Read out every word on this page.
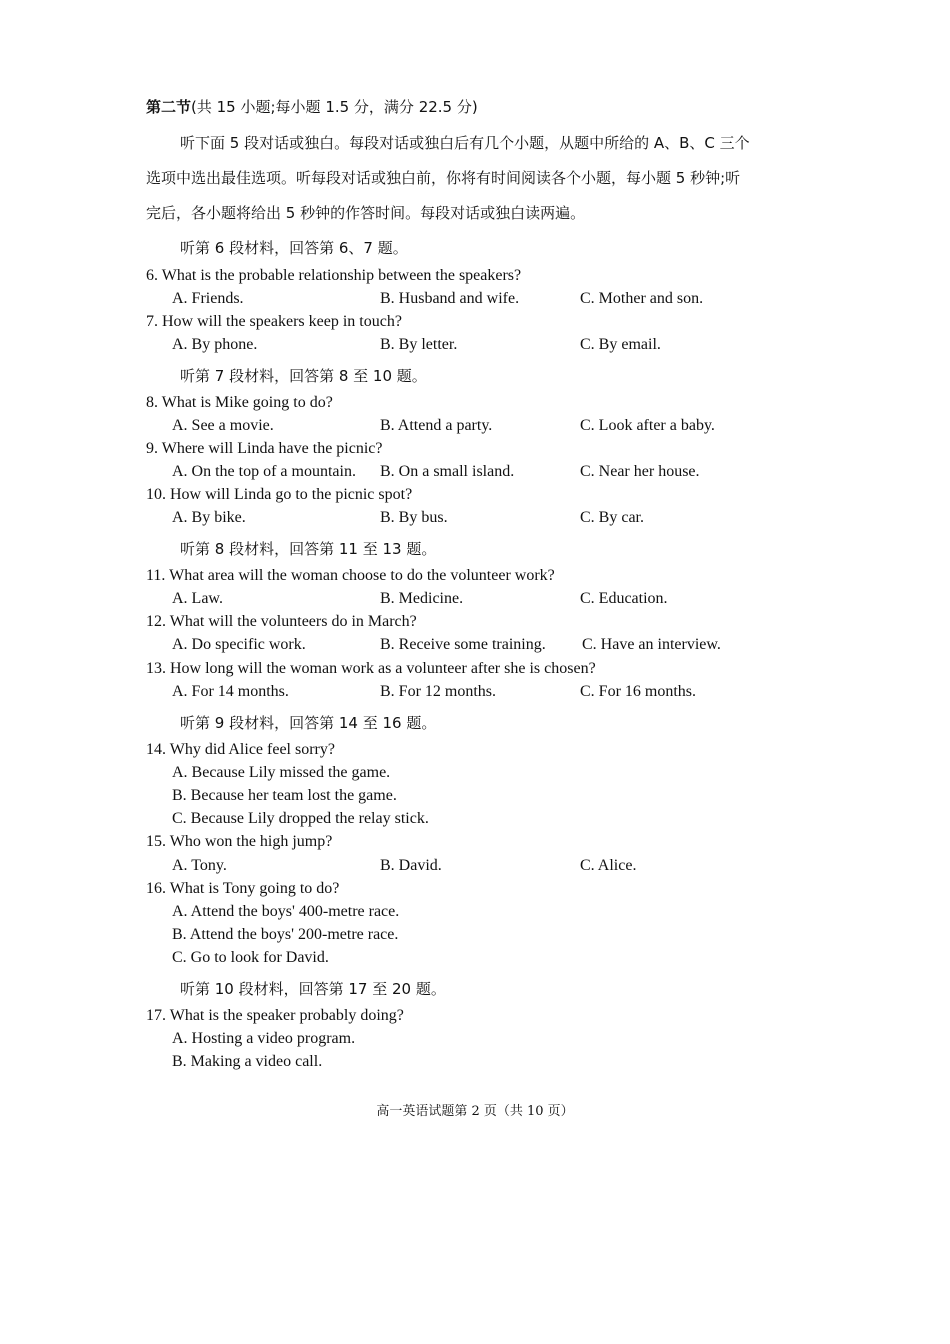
第二节(共 15 小题;每小题 1.5 分，满分 22.5 分)
听下面 5 段对话或独白。每段对话或独白后有几个小题，从题中所给的 A、B、C 三个
选项中选出最佳选项。听每段对话或独白前，你将有时间阅读各个小题，每小题 5 秒钟;听
完后，各小题将给出 5 秒钟的作答时间。每段对话或独白读两遍。
听第 6 段材料，回答第 6、7 题。
6. What is the probable relationship between the speakers?
A. Friends.	B. Husband and wife.	C. Mother and son.
7. How will the speakers keep in touch?
A. By phone.	B. By letter.	C. By email.
听第 7 段材料，回答第 8 至 10 题。
8. What is Mike going to do?
A. See a movie.	B. Attend a party.	C. Look after a baby.
9. Where will Linda have the picnic?
A. On the top of a mountain. B. On a small island.	C. Near her house.
10. How will Linda go to the picnic spot?
A. By bike.	B. By bus.	C. By car.
听第 8 段材料，回答第 11 至 13 题。
11. What area will the woman choose to do the volunteer work?
A. Law.	B. Medicine.	C. Education.
12. What will the volunteers do in March?
A. Do specific work.	B. Receive some training. C. Have an interview.
13. How long will the woman work as a volunteer after she is chosen?
A. For 14 months.	B. For 12 months.	C. For 16 months.
听第 9 段材料，回答第 14 至 16 题。
14. Why did Alice feel sorry?
A. Because Lily missed the game.
B. Because her team lost the game.
C. Because Lily dropped the relay stick.
15. Who won the high jump?
A. Tony.	B. David.	C. Alice.
16. What is Tony going to do?
A. Attend the boys' 400-metre race.
B. Attend the boys' 200-metre race.
C. Go to look for David.
听第 10 段材料，回答第 17 至 20 题。
17. What is the speaker probably doing?
A. Hosting a video program.
B. Making a video call.
高一英语试题第 2 页（共 10 页）
